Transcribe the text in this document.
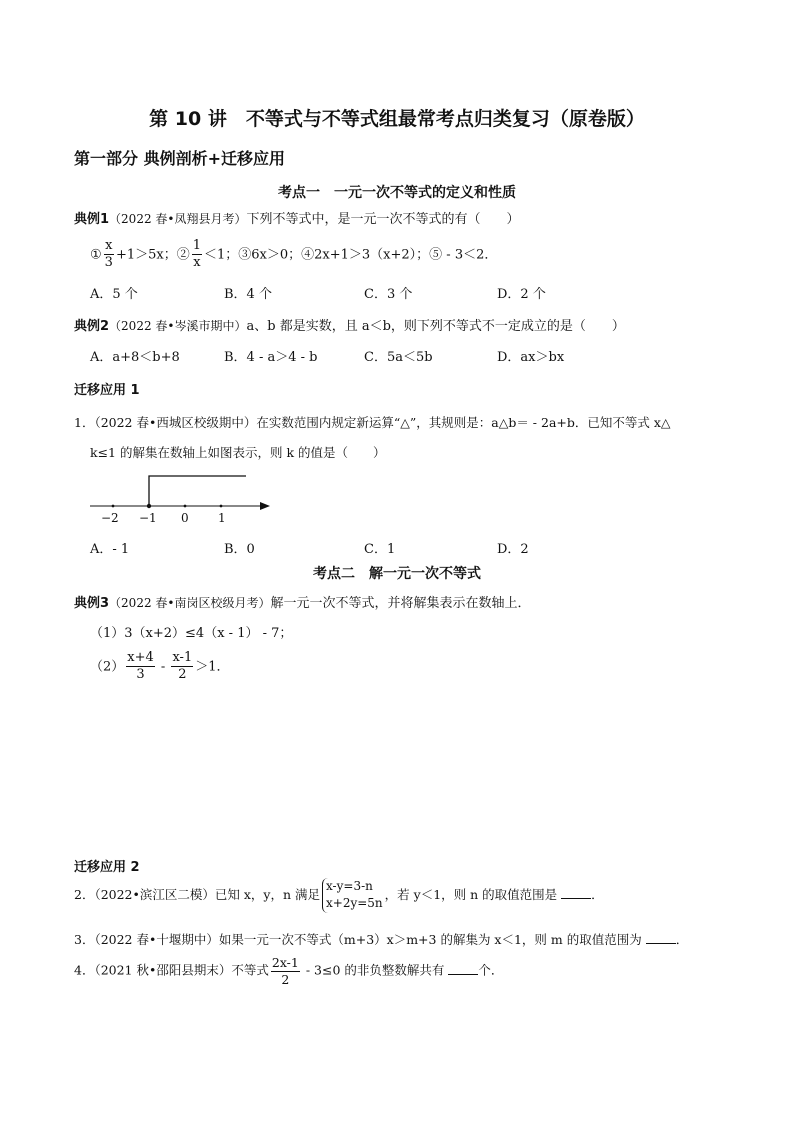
第 10 讲　不等式与不等式组最常考点归类复习（原卷版）
第一部分 典例剖析+迁移应用
考点一　一元一次不等式的定义和性质
典例1（2022 春•凤翔县月考）下列不等式中，是一元一次不等式的有（　　）
① $\frac{x}{3} +1>5x$；② $\frac{1}{x} <1$；③6x＞0；④2x+1＞3（x+2）；⑤ - 3＜2．
A．5 个	B．4 个	C．3 个	D．2 个
典例2（2022 春•岑溪市期中）a、b 都是实数，且 a＜b，则下列不等式不一定成立的是（　　）
A．a+8＜b+8	B．4 - a＞4 - b	C．5a＜5b	D．ax＞bx
迁移应用 1
1．（2022 春•西城区校级期中）在实数范围内规定新运算“△”，其规则是：a△b＝ - 2a+b．已知不等式 x△
k≤1 的解集在数轴上如图表示，则 k 的值是（　　）
−2 −1 0 1
A．- 1	B．0	C．1	D．2
考点二　解一元一次不等式
典例3（2022 春•南岗区校级月考）解一元一次不等式，并将解集表示在数轴上．
（1）3（x+2）≤4（x - 1） - 7；
$(2) \frac{x+4}{3} - \frac{x-1}{2} >1$．
迁移应用 2
2．（2022•滨江区二模）已知 x，y，n 满足
x-y=3-n
x+2y=5n
，若 y＜1，则 n 的取值范围是	．
3．（2022 春•十堰期中）如果一元一次不等式（m+3）x＞m+3 的解集为 x＜1，则 m 的取值范围为	．
4．（2021 秋•邵阳县期末）不等式 $\frac{2x-1}{2} - 3\le 0$ 的非负整数解共有	个．
